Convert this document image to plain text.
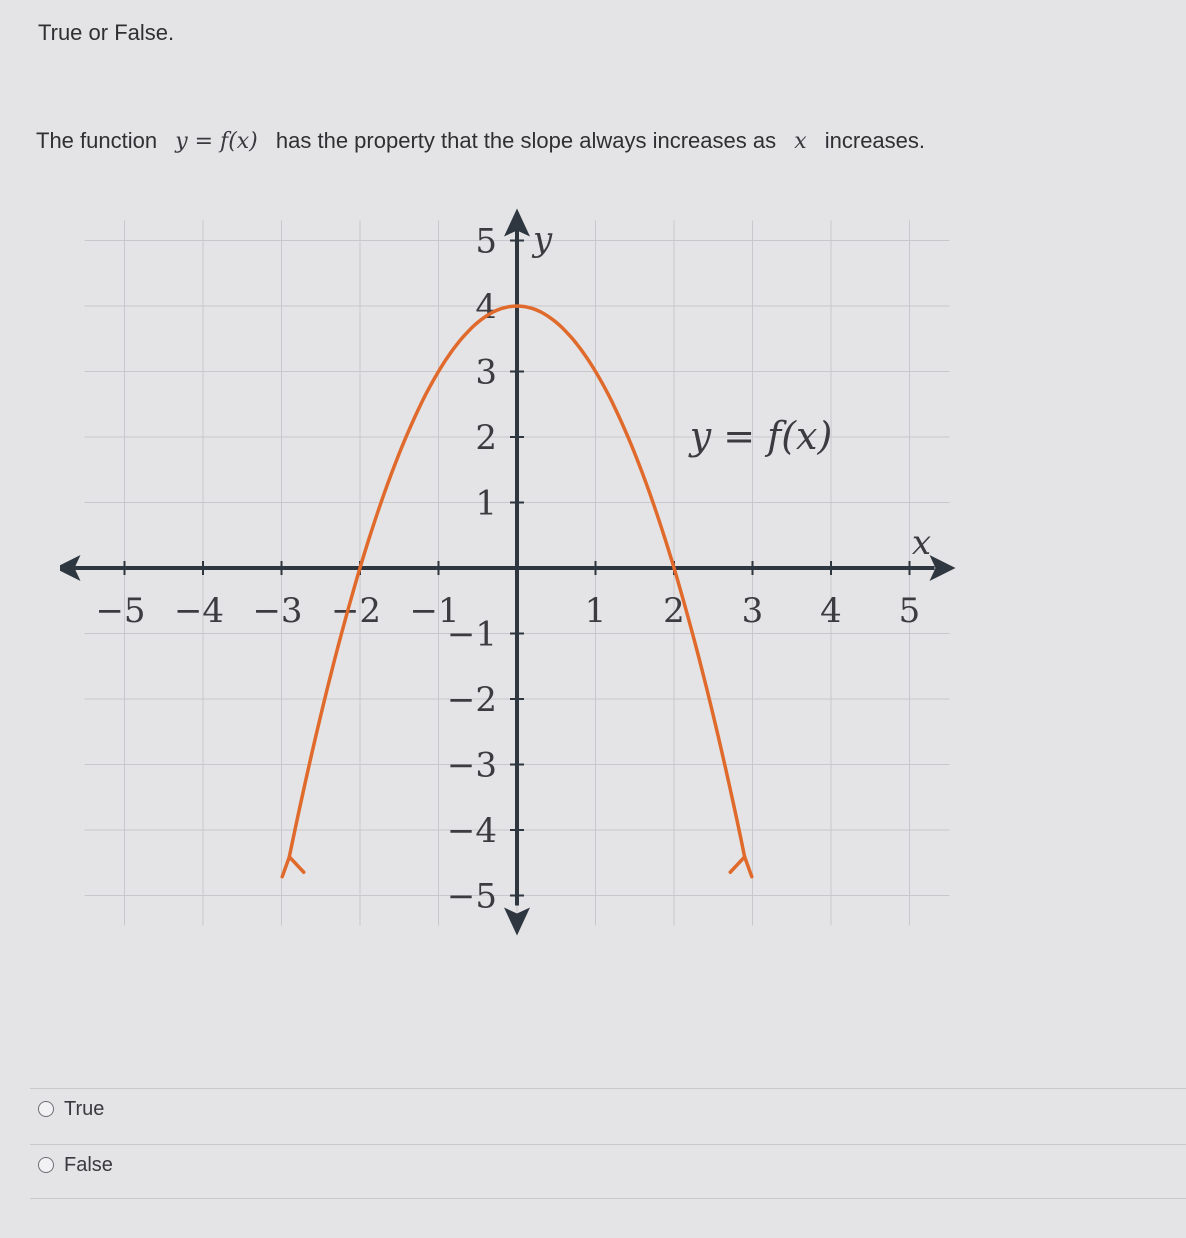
True or False.
The function y = f(x) has the property that the slope always increases as x increases.
−5 −4 −3 −2 −1	1 2 3 4 5
5
4
3
2
1
−1
−2
−3
−4
−5
x
y
y = f(x)
True
False
